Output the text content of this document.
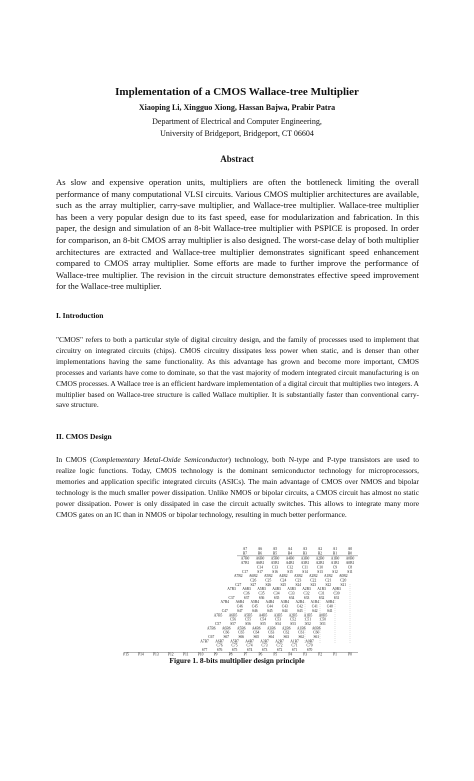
Implementation of a CMOS Wallace-tree Multiplier
Xiaoping Li, Xingguo Xiong, Hassan Bajwa, Prabir Patra
Department of Electrical and Computer Engineering,
University of Bridgeport, Bridgeport, CT 06604
Abstract

As slow and expensive operation units, multipliers are often the bottleneck limiting the overall performance of many computational VLSI circuits. Various CMOS multiplier architectures are available, such as the array multiplier, carry-save multiplier, and Wallace-tree multiplier. Wallace-tree multiplier has been a very popular design due to its fast speed, ease for modularization and fabrication. In this paper, the design and simulation of an 8-bit Wallace-tree multiplier with PSPICE is proposed. In order for comparison, an 8-bit CMOS array multiplier is also designed. The worst-case delay of both multiplier architectures are extracted and Wallace-tree multiplier demonstrates significant speed enhancement compared to CMOS array multiplier. Some efforts are made to further improve the performance of Wallace-tree multiplier. The revision in the circuit structure demonstrates effective speed improvement for the Wallace-tree multiplier.

I. Introduction

"CMOS" refers to both a particular style of digital circuitry design, and the family of processes used to implement that circuitry on integrated circuits (chips). CMOS circuitry dissipates less power when static, and is denser than other implementations having the same functionality. As this advantage has grown and become more important, CMOS processes and variants have come to dominate, so that the vast majority of modern integrated circuit manufacturing is on CMOS processes. A Wallace tree is an efficient hardware implementation of a digital circuit that multiplies two integers. A multiplier based on Wallace-tree structure is called Wallace multiplier. It is substantially faster than conventional carry-save structure.

II. CMOS Design

In CMOS (Complementary Metal-Oxide Semiconductor) technology, both N-type and P-type transistors are used to realize logic functions. Today, CMOS technology is the dominant semiconductor technology for microprocessors, memories and application specific integrated circuits (ASICs). The main advantage of CMOS over NMOS and bipolar technology is the much smaller power dissipation. Unlike NMOS or bipolar circuits, a CMOS circuit has almost no static power dissipation. Power is only dissipated in case the circuit actually switches. This allows to integrate many more CMOS gates on an IC than in NMOS or bipolar technology, resulting in much better performance.

A7	A6	A5	A4	A3	A2	A1	A0
B7	B6	B5	B4	B3	B2	B1	B0
A7B0 A6B0 A5B0 A4B0 A3B0 A2B0 A1B0 A0B0
A7B1 A6B1 A5B1 A4B1 A3B1 A2B1 A1B1 A0B1
C14	C13	C12	C11	C10	C9	C8
C17	S17	S16	S15	S14	S13	S12	S11
A7B2 A6B2 A5B2 A4B2 A3B2 A2B2 A1B2 A0B2
C26	C25	C24	C23	C22	C21	C20
C27	S27	S26	S25	S24	S23	S22	S21
A7B3 A6B3 A5B3 A4B3 A3B3 A2B3 A1B3 A0B3
C36	C35	C34	C33	C32	C31	C30
C37	S37	S36	S35	S34	S33	S32	S31
A7B4 A6B4 A5B4 A4B4 A3B4 A2B4 A1B4 A0B4
C46	C45	C44	C43	C42	C41	C40
C47	S47	S46	S45	S44	S43	S42	S41
A7B5 A6B5 A5B5 A4B5 A3B5 A2B5 A1B5 A0B5
C56	C55	C54	C53	C52	C51	C50
C57	S57	S56	S55	S54	S53	S52	S51
A7B6 A6B6 A5B6 A4B6 A3B6 A2B6 A1B6 A0B6
C66	C65	C64	C63	C62	C61	C60
C67	S67	S66	S65	S64	S63	S62	S61
A7B7 A6B7 A5B7 A4B7 A3B7 A2B7 A1B7 A0B7
C76	C75	C74	C73	C72	C71	C70
S77	S76	S75	S74	S73	S72	S71	S70
P15	P14	P13	P12	P11	P10	P9	P8	P7	P6	P5	P4	P3	P2	P1	P0
Figure 1. 8-bits multiplier design principle
